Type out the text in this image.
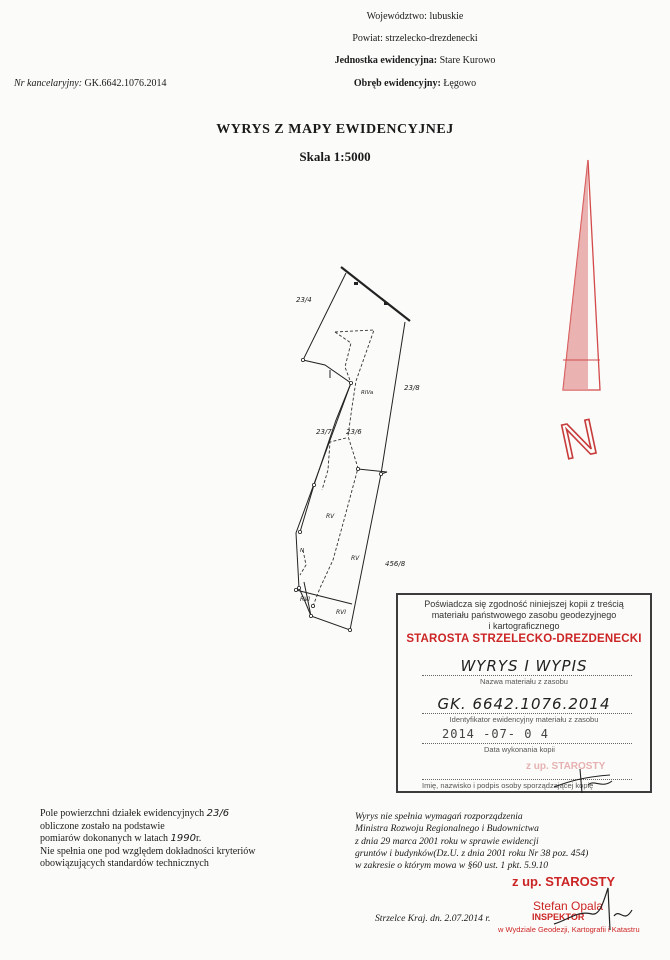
Województwo: lubuskie
Powiat: strzelecko-drezdenecki
Jednostka ewidencyjna: Stare Kurowo
Obręb ewidencyjny: Łęgowo
Nr kancelaryjny: GK.6642.1076.2014
WYRYS Z MAPY EWIDENCYJNEJ
Skala 1:5000
23/4
23/8
23/7 23/6
456/8
RIVa
RV
RV
RVI
RVI
N
N
Poświadcza się zgodność niniejszej kopii z treścią
materiału państwowego zasobu geodezyjnego
i kartograficznego
STAROSTA STRZELECKO-DREZDENECKI
WYRYS I WYPIS
Nazwa materiału z zasobu
GK. 6642.1076.2014
Identyfikator ewidencyjny materiału z zasobu
2014 -07- 0 4
Data wykonania kopii
z up. STAROSTY
Imię, nazwisko i podpis osoby sporządzającej kopię
Pole powierzchni działek ewidencyjnych 23/6
obliczone zostało na podstawie
pomiarów dokonanych w latach 1990r.
Nie spełnia one pod względem dokładności kryteriów
obowiązujących standardów technicznych
Wyrys nie spełnia wymagań rozporządzenia
Ministra Rozwoju Regionalnego i Budownictwa
z dnia 29 marca 2001 roku w sprawie ewidencji
gruntów i budynków(Dz.U. z dnia 2001 roku Nr 38 poz. 454)
w zakresie o którym mowa w §60 ust. 1 pkt. 5.9.10
Strzelce Kraj. dn. 2.07.2014 r.
z up. STAROSTY
Stefan Opala
INSPEKTOR
w Wydziale Geodezji, Kartografii i Katastru
